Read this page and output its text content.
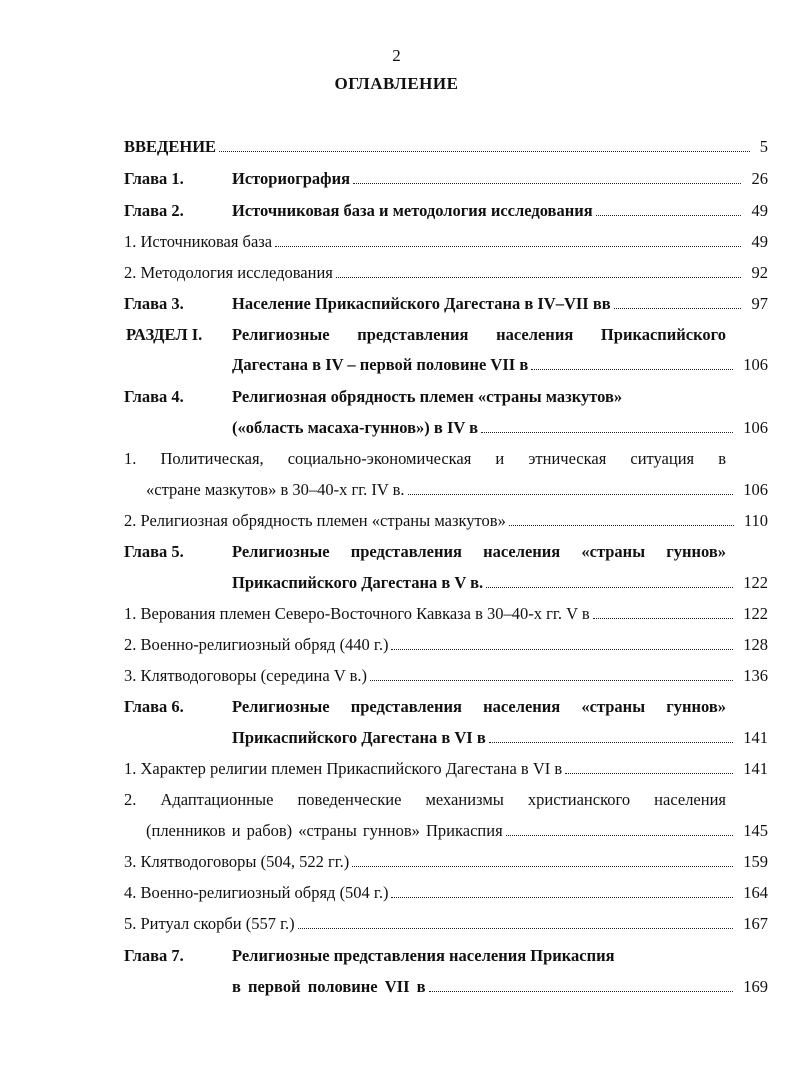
2
ОГЛАВЛЕНИЕ
ВВЕДЕНИЕ	5
Глава 1.	Историография	26
Глава 2.	Источниковая база и методология исследования	49
1. Источниковая база	49
2. Методология исследования	92
Глава 3.	Население Прикаспийского Дагестана в IV–VII вв	97
РАЗДЕЛ I. Религиозные представления населения Прикаспийского
Дагестана в IV – первой половине VII в	106
Глава 4.	Религиозная обрядность племен «страны мазкутов»
(«область масаха-гуннов») в IV в	106
1. Политическая, социально-экономическая и этническая ситуация в
«стране мазкутов» в 30–40-х гг. IV в.	106
2. Религиозная обрядность племен «страны мазкутов»	110
Глава 5.	Религиозные представления населения «страны гуннов»
Прикаспийского Дагестана в V в.	122
1. Верования племен Северо-Восточного Кавказа в 30–40-х гг. V в	122
2. Военно-религиозный обряд (440 г.)	128
3. Клятводоговоры (середина V в.)	136
Глава 6.	Религиозные представления населения «страны гуннов»
Прикаспийского Дагестана в VI в	141
1. Характер религии племен Прикаспийского Дагестана в VI в	141
2. Адаптационные поведенческие механизмы христианского населения
(пленников и рабов) «страны гуннов» Прикаспия	145
3. Клятводоговоры (504, 522 гг.)	159
4. Военно-религиозный обряд (504 г.)	164
5. Ритуал скорби (557 г.)	167
Глава 7.	Религиозные представления населения Прикаспия
в первой половине VII в	169
